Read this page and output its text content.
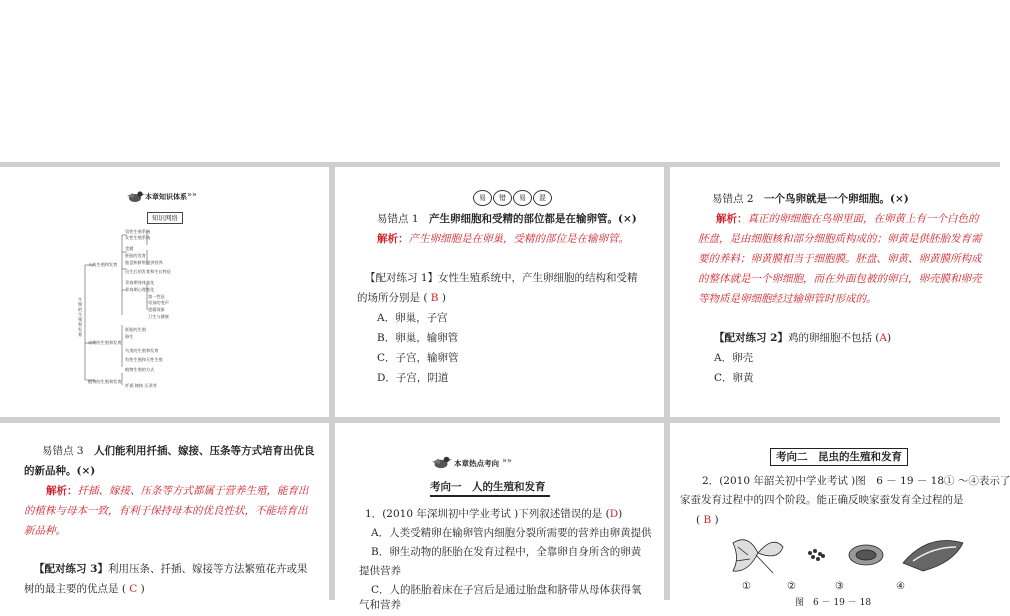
本章知识体系 »»
知识网络
生物的生殖和发育
人的生殖和发育
动物的生殖和发育
植物的生殖和发育
男性生殖系统
女性生殖系统
受精
胚胎的发育
胎盘和脐带提供营养
出生后的发育和生长特征
青春期身体变化
青春期心理变化
第一性征
男孩的变声
遗精现象
卫生与健康
胚胎的生殖
卵生
鸟类的生殖和发育
有性生殖和无性生殖
植物生殖的方式
扦插 嫁接 压条等
易	错	易	混
易错点 1　 产生卵细胞和受精的部位都是在输卵管。(×)
解析：产生卵细胞是在卵巢，受精的部位是在输卵管。
【配对练习 1】女性生殖系统中，产生卵细胞的结构和受精
的场所分别是 ( B )
A．卵巢，子宫
B．卵巢，输卵管
C．子宫，输卵管
D．子宫，阴道
易错点 2　 一个鸟卵就是一个卵细胞。(×)
解析：真正的卵细胞在鸟卵里面，在卵黄上有一个白色的
胚盘，是由细胞核和部分细胞质构成的；卵黄是供胚胎发育需
要的养料；卵黄膜相当于细胞膜。胚盘、卵黄、卵黄膜所构成
的整体就是一个卵细胞，而在外面包被的卵白，卵壳膜和卵壳
等物质是卵细胞经过输卵管时形成的。
【配对练习 2】鸡的卵细胞不包括 (A)
A．卵壳
C．卵黄
易错点 3　 人们能利用扦插、嫁接、压条等方式培育出优良
的新品种。(×)
解析：扦插、嫁接、压条等方式都属于营养生殖，能育出
的植株与母本一致，有利于保持母本的优良性状，不能培育出
新品种。
【配对练习 3】利用压条、扦插、嫁接等方法繁殖花卉或果
树的最主要的优点是 ( C )
本章热点考向 »»
考向一　人的生殖和发育
1．(2010 年深圳初中学业考试 )下列叙述错误的是 (D)
A．人类受精卵在输卵管内细胞分裂所需要的营养由卵黄提供
B．卵生动物的胚胎在发育过程中，全靠卵自身所含的卵黄
提供营养
C．人的胚胎着床在子宫后是通过胎盘和脐带从母体获得氧
气和营养
考向二　昆虫的生殖和发育
2．(2010 年韶关初中学业考试 )图　6 － 19 － 18① ～④表示了
家蚕发育过程中的四个阶段。能正确反映家蚕发育全过程的是
( B )
①	②	③	④
图　6 － 19 － 18
